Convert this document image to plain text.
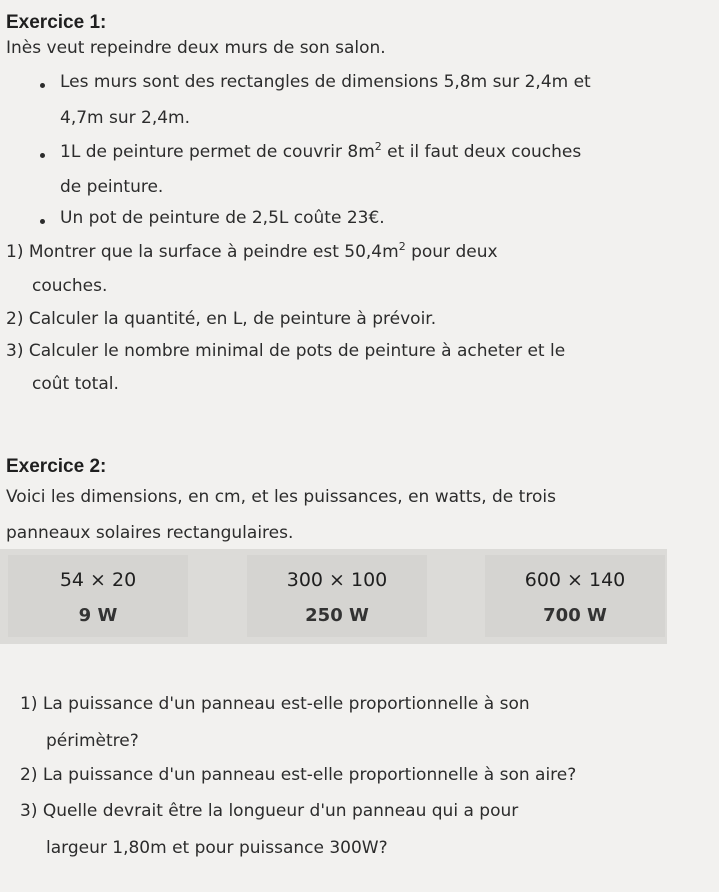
Exercice 1:
Inès veut repeindre deux murs de son salon.
Les murs sont des rectangles de dimensions 5,8m sur 2,4m et
4,7m sur 2,4m.
1L de peinture permet de couvrir $8m^2$ et il faut deux couches
de peinture.
Un pot de peinture de 2,5L coûte 23€.
1) Montrer que la surface à peindre est $50,4m^2$ pour deux
couches.
2) Calculer la quantité, en L, de peinture à prévoir.
3) Calculer le nombre minimal de pots de peinture à acheter et le
coût total.
Exercice 2:
Voici les dimensions, en cm, et les puissances, en watts, de trois
panneaux solaires rectangulaires.
54 × 20
9 W
300 × 100
250 W
600 × 140
700 W
1) La puissance d'un panneau est-elle proportionnelle à son
périmètre?
2) La puissance d'un panneau est-elle proportionnelle à son aire?
3) Quelle devrait être la longueur d'un panneau qui a pour
largeur 1,80m et pour puissance 300W?
